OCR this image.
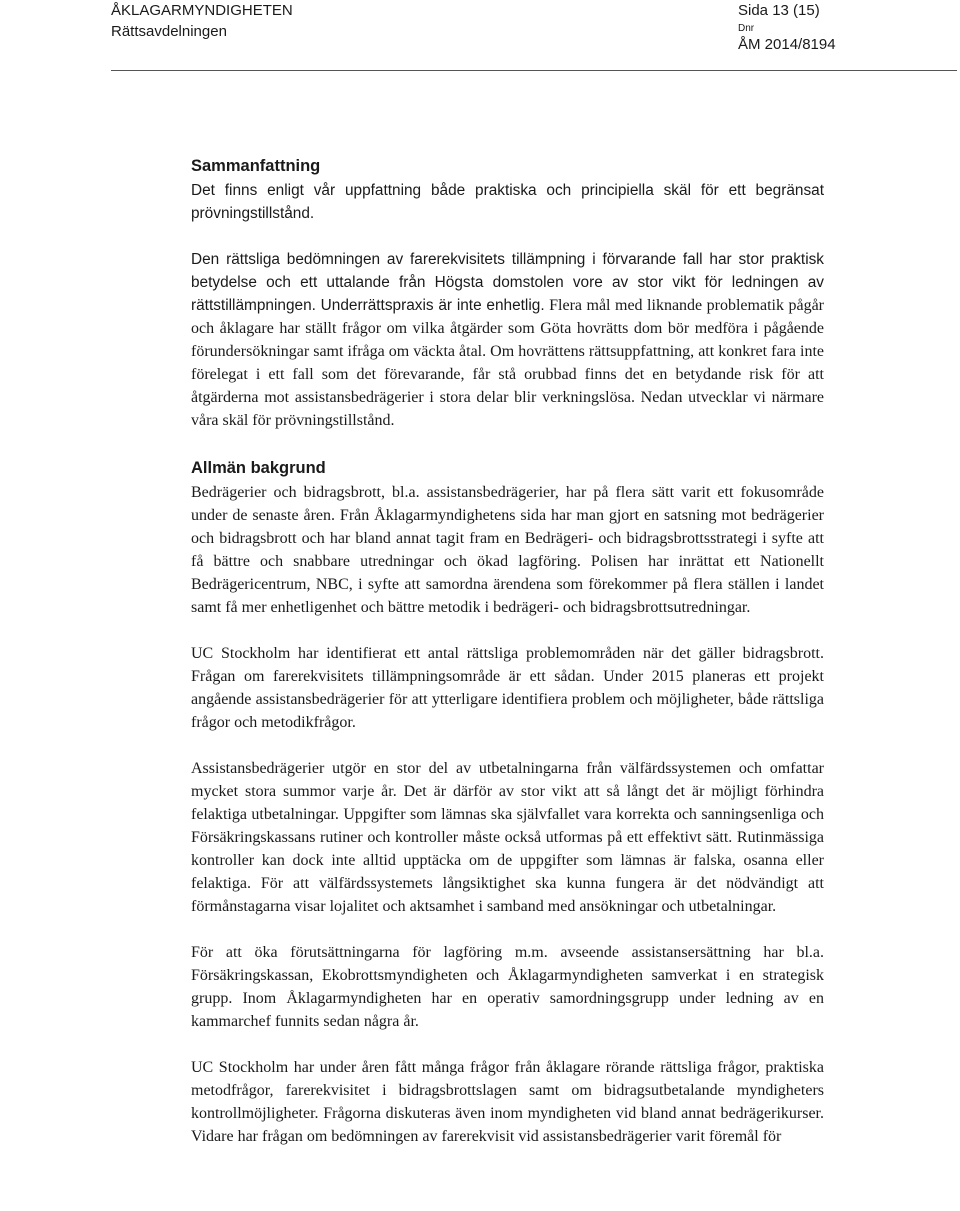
ÅKLAGARMYNDIGHETEN
Rättsavdelningen
Sida 13 (15)
Dnr
ÅM 2014/8194
Sammanfattning

Det finns enligt vår uppfattning både praktiska och principiella skäl för ett begränsat prövningstillstånd.

Den rättsliga bedömningen av farerekvisitets tillämpning i förvarande fall har stor praktisk betydelse och ett uttalande från Högsta domstolen vore av stor vikt för ledningen av rättstillämpningen. Underrättspraxis är inte enhetlig. Flera mål med liknande problematik pågår och åklagare har ställt frågor om vilka åtgärder som Göta hovrätts dom bör medföra i pågående förundersökningar samt ifråga om väckta åtal. Om hovrättens rättsuppfattning, att konkret fara inte förelegat i ett fall som det förevarande, får stå orubbad finns det en betydande risk för att åtgärderna mot assistansbedrägerier i stora delar blir verkningslösa. Nedan utvecklar vi närmare våra skäl för prövningstillstånd.

Allmän bakgrund

Bedrägerier och bidragsbrott, bl.a. assistansbedrägerier, har på flera sätt varit ett fokusområde under de senaste åren. Från Åklagarmyndighetens sida har man gjort en satsning mot bedrägerier och bidragsbrott och har bland annat tagit fram en Bedrägeri- och bidragsbrottsstrategi i syfte att få bättre och snabbare utredningar och ökad lagföring. Polisen har inrättat ett Nationellt Bedrägericentrum, NBC, i syfte att samordna ärendena som förekommer på flera ställen i landet samt få mer enhetligenhet och bättre metodik i bedrägeri- och bidragsbrottsutredningar.

UC Stockholm har identifierat ett antal rättsliga problemområden när det gäller bidragsbrott. Frågan om farerekvisitets tillämpningsområde är ett sådan. Under 2015 planeras ett projekt angående assistansbedrägerier för att ytterligare identifiera problem och möjligheter, både rättsliga frågor och metodikfrågor.

Assistansbedrägerier utgör en stor del av utbetalningarna från välfärdssystemen och omfattar mycket stora summor varje år. Det är därför av stor vikt att så långt det är möjligt förhindra felaktiga utbetalningar. Uppgifter som lämnas ska självfallet vara korrekta och sanningsenliga och Försäkringskassans rutiner och kontroller måste också utformas på ett effektivt sätt. Rutinmässiga kontroller kan dock inte alltid upptäcka om de uppgifter som lämnas är falska, osanna eller felaktiga. För att välfärdssystemets långsiktighet ska kunna fungera är det nödvändigt att förmånstagarna visar lojalitet och aktsamhet i samband med ansökningar och utbetalningar.

För att öka förutsättningarna för lagföring m.m. avseende assistansersättning har bl.a. Försäkringskassan, Ekobrottsmyndigheten och Åklagarmyndigheten samverkat i en strategisk grupp. Inom Åklagarmyndigheten har en operativ samordningsgrupp under ledning av en kammarchef funnits sedan några år.

UC Stockholm har under åren fått många frågor från åklagare rörande rättsliga frågor, praktiska metodfrågor, farerekvisitet i bidragsbrottslagen samt om bidragsutbetalande myndigheters kontrollmöjligheter. Frågorna diskuteras även inom myndigheten vid bland annat bedrägerikurser. Vidare har frågan om bedömningen av farerekvisit vid assistansbedrägerier varit föremål för
